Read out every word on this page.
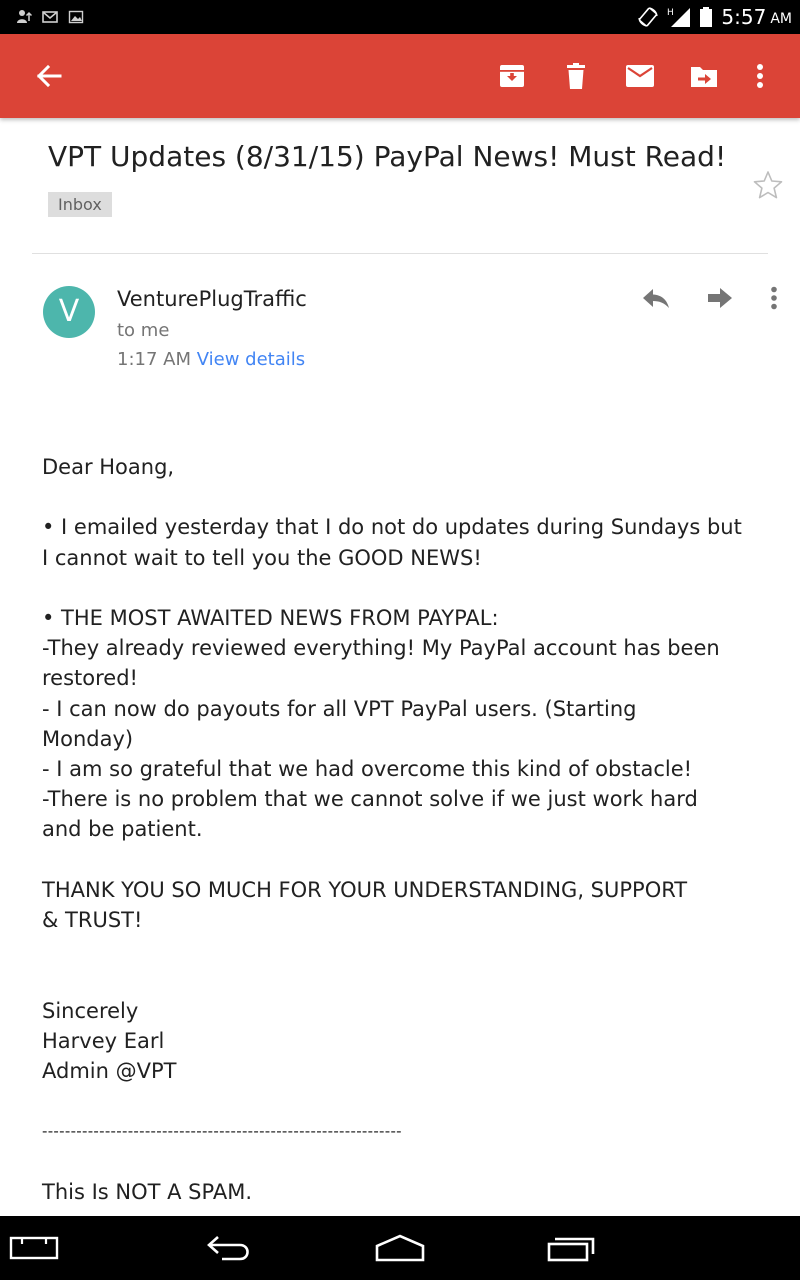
H 5:57 AM
VPT Updates (8/31/15) PayPal News! Must Read!
Inbox
V	VenturePlugTraffic
to me
1:17 AM View details

Dear Hoang,

• I emailed yesterday that I do not do updates during Sundays but

I cannot wait to tell you the GOOD NEWS!

• THE MOST AWAITED NEWS FROM PAYPAL:

-They already reviewed everything! My PayPal account has been

restored!

- I can now do payouts for all VPT PayPal users. (Starting

Monday)

- I am so grateful that we had overcome this kind of obstacle!

-There is no problem that we cannot solve if we just work hard

and be patient.

THANK YOU SO MUCH FOR YOUR UNDERSTANDING, SUPPORT

& TRUST!

Sincerely

Harvey Earl

Admin @VPT

---------------------------------------------------------------

This Is NOT A SPAM.
